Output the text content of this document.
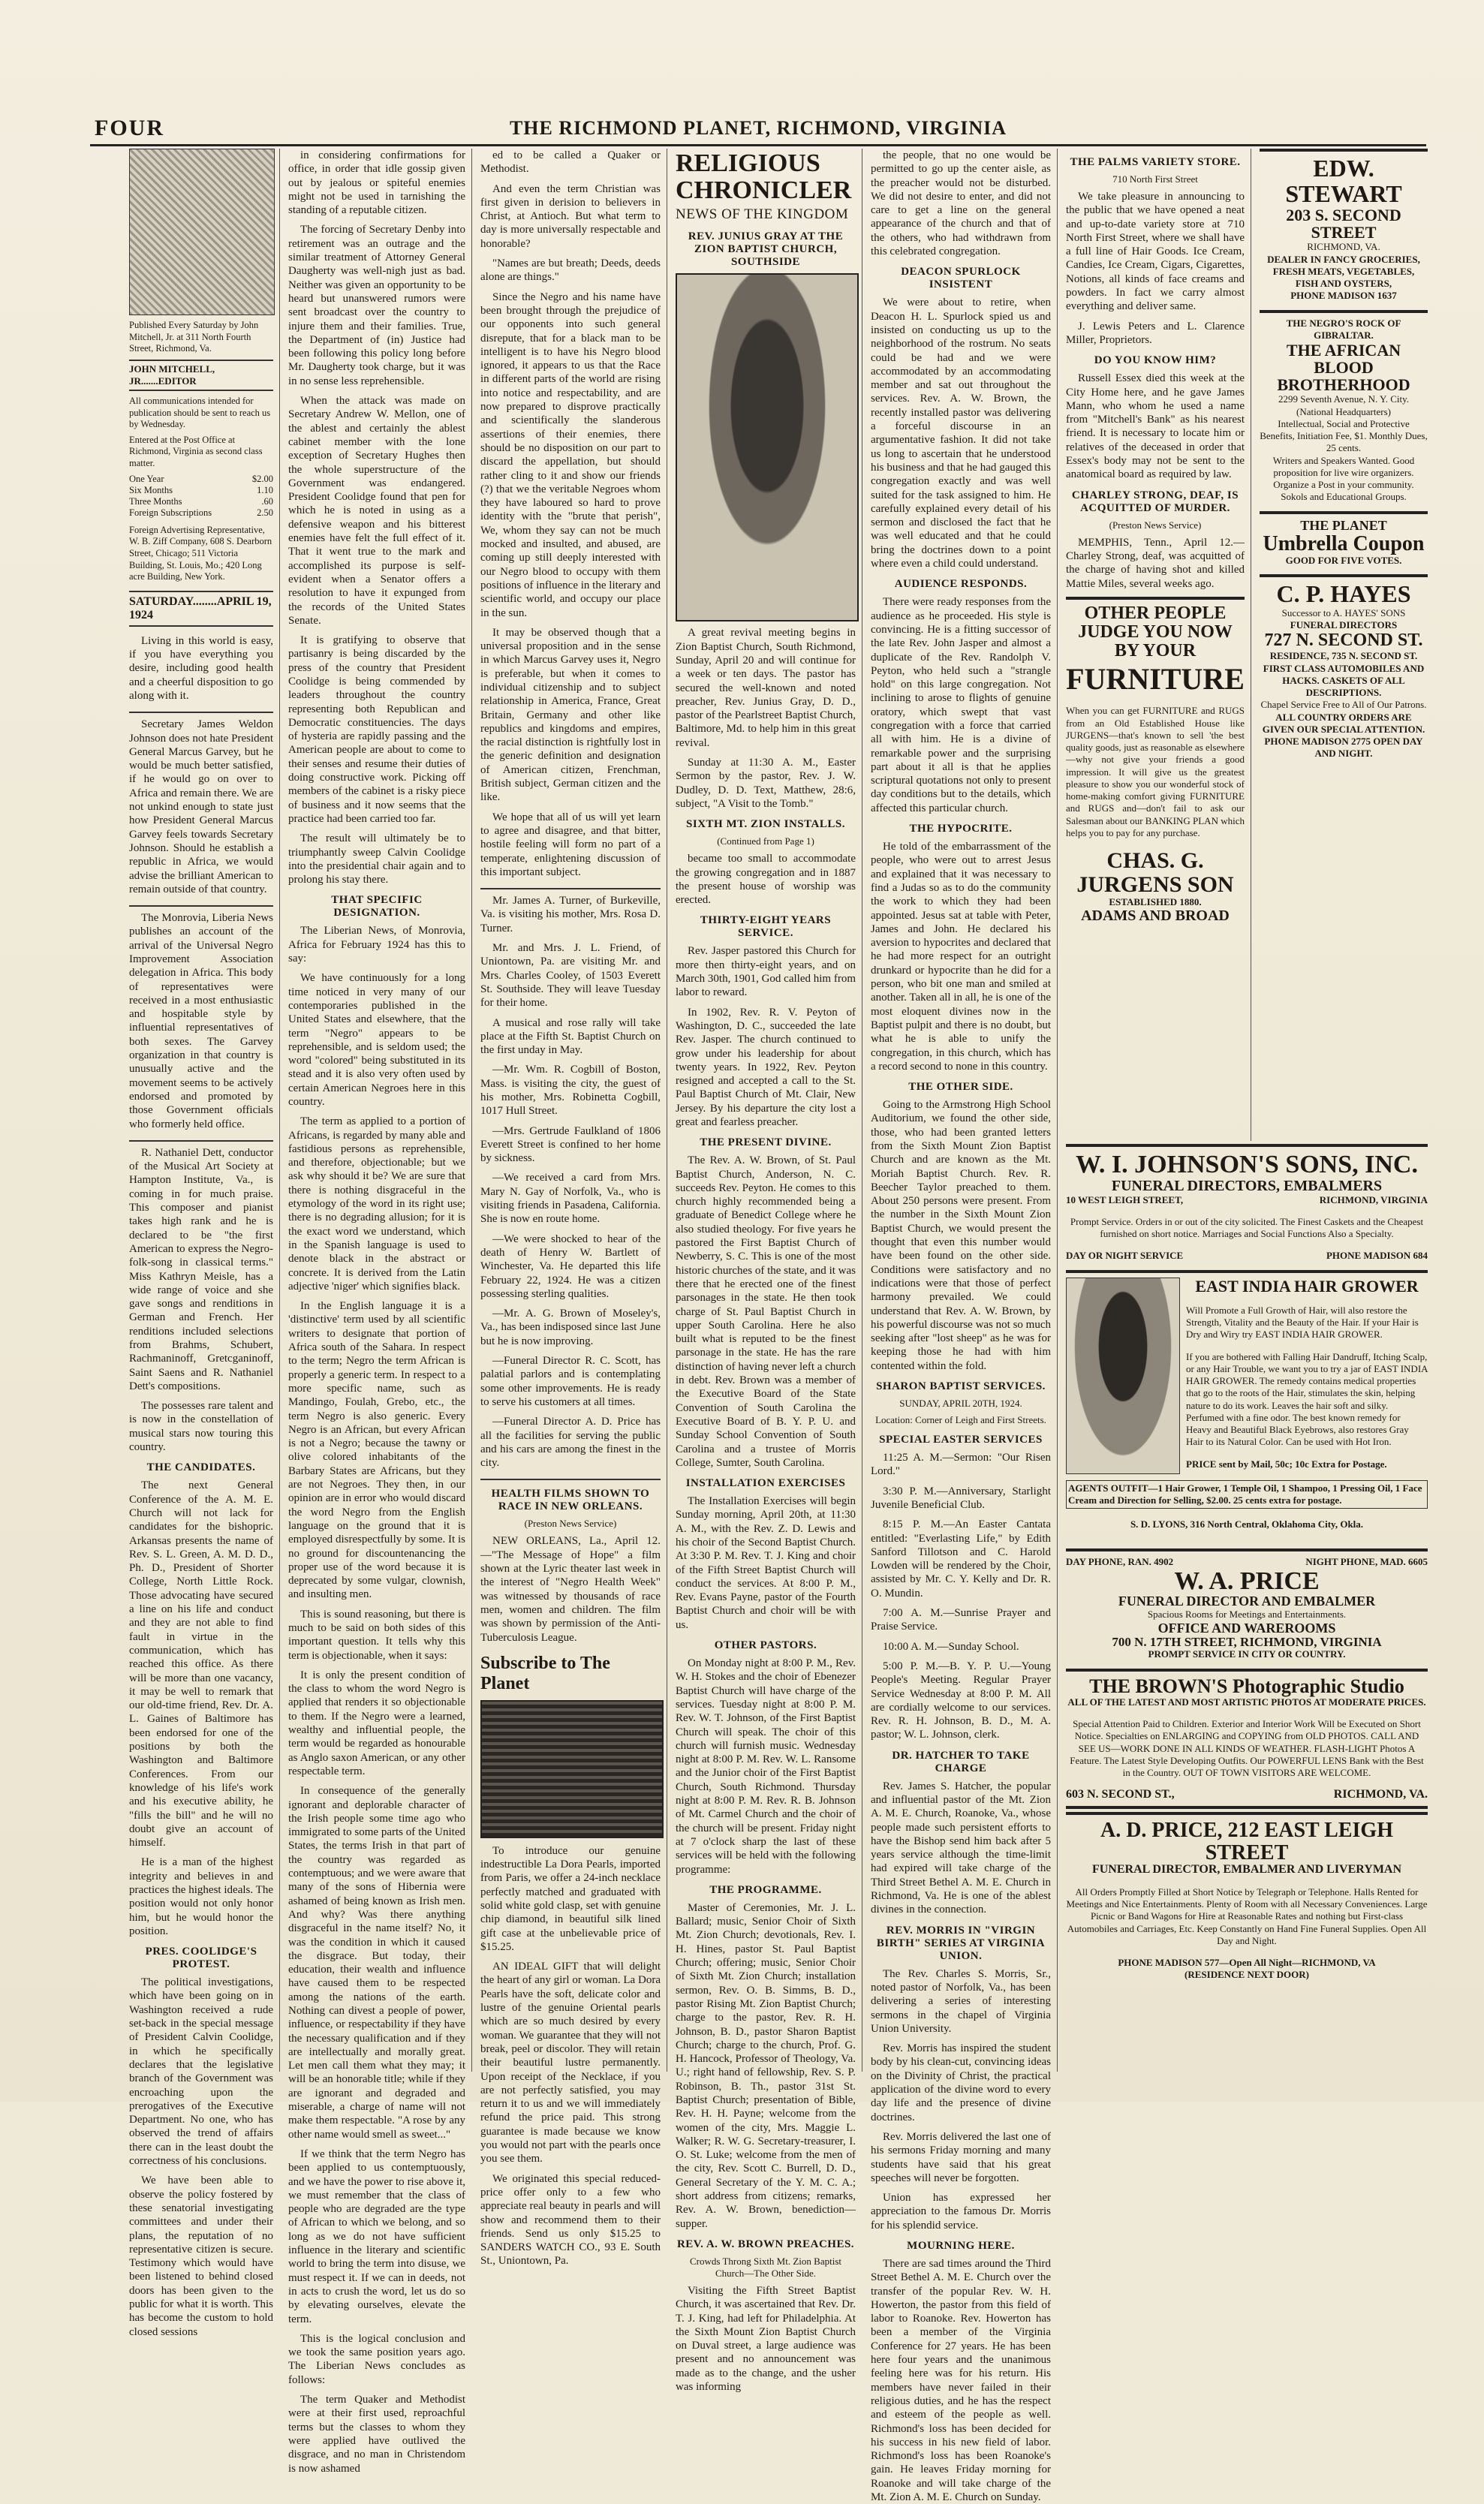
FOUR	THE RICHMOND PLANET, RICHMOND, VIRGINIA

Published Every Saturday by John Mitchell, Jr. at 311 North Fourth Street, Richmond, Va.

JOHN MITCHELL, JR.......EDITOR

All communications intended for publication should be sent to reach us by Wednesday.

Entered at the Post Office at Richmond, Virginia as second class matter.

One Year	$2.00
Six Months	1.10
Three Months	.60
Foreign Subscriptions	2.50

Foreign Advertising Representative, W. B. Ziff Company, 608 S. Dearborn Street, Chicago; 511 Victoria Building, St. Louis, Mo.; 420 Long acre Building, New York.

SATURDAY........APRIL 19, 1924

Living in this world is easy, if you have everything you desire, including good health and a cheerful disposition to go along with it.

Secretary James Weldon Johnson does not hate President General Marcus Garvey, but he would be much better satisfied, if he would go on over to Africa and remain there. We are not unkind enough to state just how President General Marcus Garvey feels towards Secretary Johnson. Should he establish a republic in Africa, we would advise the brilliant American to remain outside of that country.

The Monrovia, Liberia News publishes an account of the arrival of the Universal Negro Improvement Association delegation in Africa. This body of representatives were received in a most enthusiastic and hospitable style by influential representatives of both sexes. The Garvey organization in that country is unusually active and the movement seems to be actively endorsed and promoted by those Government officials who formerly held office.

R. Nathaniel Dett, conductor of the Musical Art Society at Hampton Institute, Va., is coming in for much praise. This composer and pianist takes high rank and he is declared to be "the first American to express the Negro-folk-song in classical terms." Miss Kathryn Meisle, has a wide range of voice and she gave songs and renditions in German and French. Her renditions included selections from Brahms, Schubert, Rachmaninoff, Gretcganinoff, Saint Saens and R. Nathaniel Dett's compositions.

The possesses rare talent and is now in the constellation of musical stars now touring this country.

THE CANDIDATES.

The next General Conference of the A. M. E. Church will not lack for candidates for the bishopric. Arkansas presents the name of Rev. S. L. Green, A. M. D. D., Ph. D., President of Shorter College, North Little Rock. Those advocating have secured a line on his life and conduct and they are not able to find fault in virtue in the communication, which has reached this office. As there will be more than one vacancy, it may be well to remark that our old-time friend, Rev. Dr. A. L. Gaines of Baltimore has been endorsed for one of the positions by both the Washington and Baltimore Conferences. From our knowledge of his life's work and his executive ability, he "fills the bill" and he will no doubt give an account of himself.

He is a man of the highest integrity and believes in and practices the highest ideals. The position would not only honor him, but he would honor the position.

PRES. COOLIDGE'S PROTEST.

The political investigations, which have been going on in Washington received a rude set-back in the special message of President Calvin Coolidge, in which he specifically declares that the legislative branch of the Government was encroaching upon the prerogatives of the Executive Department. No one, who has observed the trend of affairs there can in the least doubt the correctness of his conclusions.

We have been able to observe the policy fostered by these senatorial investigating committees and under their plans, the reputation of no representative citizen is secure. Testimony which would have been listened to behind closed doors has been given to the public for what it is worth. This has become the custom to hold closed sessions

in considering confirmations for office, in order that idle gossip given out by jealous or spiteful enemies might not be used in tarnishing the standing of a reputable citizen.

The forcing of Secretary Denby into retirement was an outrage and the similar treatment of Attorney General Daugherty was well-nigh just as bad. Neither was given an opportunity to be heard but unanswered rumors were sent broadcast over the country to injure them and their families. True, the Department of (in) Justice had been following this policy long before Mr. Daugherty took charge, but it was in no sense less reprehensible.

When the attack was made on Secretary Andrew W. Mellon, one of the ablest and certainly the ablest cabinet member with the lone exception of Secretary Hughes then the whole superstructure of the Government was endangered. President Coolidge found that pen for which he is noted in using as a defensive weapon and his bitterest enemies have felt the full effect of it. That it went true to the mark and accomplished its purpose is self-evident when a Senator offers a resolution to have it expunged from the records of the United States Senate.

It is gratifying to observe that partisanry is being discarded by the press of the country that President Coolidge is being commended by leaders throughout the country representing both Republican and Democratic constituencies. The days of hysteria are rapidly passing and the American people are about to come to their senses and resume their duties of doing constructive work. Picking off members of the cabinet is a risky piece of business and it now seems that the practice had been carried too far.

The result will ultimately be to triumphantly sweep Calvin Coolidge into the presidential chair again and to prolong his stay there.

THAT SPECIFIC DESIGNATION.

The Liberian News, of Monrovia, Africa for February 1924 has this to say:

We have continuously for a long time noticed in very many of our contemporaries published in the United States and elsewhere, that the term "Negro" appears to be reprehensible, and is seldom used; the word "colored" being substituted in its stead and it is also very often used by certain American Negroes here in this country.

The term as applied to a portion of Africans, is regarded by many able and fastidious persons as reprehensible, and therefore, objectionable; but we ask why should it be? We are sure that there is nothing disgraceful in the etymology of the word in its right use; there is no degrading allusion; for it is the exact word we understand, which in the Spanish language is used to denote black in the abstract or concrete. It is derived from the Latin adjective 'niger' which signifies black.

In the English language it is a 'distinctive' term used by all scientific writers to designate that portion of Africa south of the Sahara. In respect to the term; Negro the term African is properly a generic term. In respect to a more specific name, such as Mandingo, Foulah, Grebo, etc., the term Negro is also generic. Every Negro is an African, but every African is not a Negro; because the tawny or olive colored inhabitants of the Barbary States are Africans, but they are not Negroes. They then, in our opinion are in error who would discard the word Negro from the English language on the ground that it is employed disrespectfully by some. It is no ground for discountenancing the proper use of the word because it is deprecated by some vulgar, clownish, and insulting men.

This is sound reasoning, but there is much to be said on both sides of this important question. It tells why this term is objectionable, when it says:

It is only the present condition of the class to whom the word Negro is applied that renders it so objectionable to them. If the Negro were a learned, wealthy and influential people, the term would be regarded as honourable as Anglo saxon American, or any other respectable term.

In consequence of the generally ignorant and deplorable character of the Irish people some time ago who immigrated to some parts of the United States, the terms Irish in that part of the country was regarded as contemptuous; and we were aware that many of the sons of Hibernia were ashamed of being known as Irish men. And why? Was there anything disgraceful in the name itself? No, it was the condition in which it caused the disgrace. But today, their education, their wealth and influence have caused them to be respected among the nations of the earth. Nothing can divest a people of power, influence, or respectability if they have the necessary qualification and if they are intellectually and morally great. Let men call them what they may; it will be an honorable title; while if they are ignorant and degraded and miserable, a charge of name will not make them respectable. "A rose by any other name would smell as sweet..."

If we think that the term Negro has been applied to us contemptuously, and we have the power to rise above it, we must remember that the class of people who are degraded are the type of African to which we belong, and so long as we do not have sufficient influence in the literary and scientific world to bring the term into disuse, we must respect it. If we can in deeds, not in acts to crush the word, let us do so by elevating ourselves, elevate the term.

This is the logical conclusion and we took the same position years ago. The Liberian News concludes as follows:

The term Quaker and Methodist were at their first used, reproachful terms but the classes to whom they were applied have outlived the disgrace, and no man in Christendom is now ashamed

ed to be called a Quaker or Methodist.

And even the term Christian was first given in derision to believers in Christ, at Antioch. But what term to day is more universally respectable and honorable?

"Names are but breath; Deeds, deeds alone are things."

Since the Negro and his name have been brought through the prejudice of our opponents into such general disrepute, that for a black man to be intelligent is to have his Negro blood ignored, it appears to us that the Race in different parts of the world are rising into notice and respectability, and are now prepared to disprove practically and scientifically the slanderous assertions of their enemies, there should be no disposition on our part to discard the appellation, but should rather cling to it and show our friends (?) that we the veritable Negroes whom they have laboured so hard to prove identity with the "brute that perish", We, whom they say can not be much mocked and insulted, and abused, are coming up still deeply interested with our Negro blood to occupy with them positions of influence in the literary and scientific world, and occupy our place in the sun.

It may be observed though that a universal proposition and in the sense in which Marcus Garvey uses it, Negro is preferable, but when it comes to individual citizenship and to subject relationship in America, France, Great Britain, Germany and other like republics and kingdoms and empires, the racial distinction is rightfully lost in the generic definition and designation of American citizen, Frenchman, British subject, German citizen and the like.

We hope that all of us will yet learn to agree and disagree, and that bitter, hostile feeling will form no part of a temperate, enlightening discussion of this important subject.

Mr. James A. Turner, of Burkeville, Va. is visiting his mother, Mrs. Rosa D. Turner.

Mr. and Mrs. J. L. Friend, of Uniontown, Pa. are visiting Mr. and Mrs. Charles Cooley, of 1503 Everett St. Southside. They will leave Tuesday for their home.

A musical and rose rally will take place at the Fifth St. Baptist Church on the first unday in May.

—Mr. Wm. R. Cogbill of Boston, Mass. is visiting the city, the guest of his mother, Mrs. Robinetta Cogbill, 1017 Hull Street.

—Mrs. Gertrude Faulkland of 1806 Everett Street is confined to her home by sickness.

—We received a card from Mrs. Mary N. Gay of Norfolk, Va., who is visiting friends in Pasadena, California. She is now en route home.

—We were shocked to hear of the death of Henry W. Bartlett of Winchester, Va. He departed this life February 22, 1924. He was a citizen possessing sterling qualities.

—Mr. A. G. Brown of Moseley's, Va., has been indisposed since last June but he is now improving.

—Funeral Director R. C. Scott, has palatial parlors and is contemplating some other improvements. He is ready to serve his customers at all times.

—Funeral Director A. D. Price has all the facilities for serving the public and his cars are among the finest in the city.

HEALTH FILMS SHOWN TO RACE IN NEW ORLEANS.
(Preston News Service)

NEW ORLEANS, La., April 12.—"The Message of Hope" a film shown at the Lyric theater last week in the interest of "Negro Health Week" was witnessed by thousands of race men, women and children. The film was shown by permission of the Anti-Tuberculosis League.

Subscribe to The Planet

To introduce our genuine indestructible La Dora Pearls, imported from Paris, we offer a 24-inch necklace perfectly matched and graduated with solid white gold clasp, set with genuine chip diamond, in beautiful silk lined gift case at the unbelievable price of $15.25.

AN IDEAL GIFT that will delight the heart of any girl or woman. La Dora Pearls have the soft, delicate color and lustre of the genuine Oriental pearls which are so much desired by every woman. We guarantee that they will not break, peel or discolor. They will retain their beautiful lustre permanently. Upon receipt of the Necklace, if you are not perfectly satisfied, you may return it to us and we will immediately refund the price paid. This strong guarantee is made because we know you would not part with the pearls once you see them.

We originated this special reduced-price offer only to a few who appreciate real beauty in pearls and will show and recommend them to their friends. Send us only $15.25 to SANDERS WATCH CO., 93 E. South St., Uniontown, Pa.

RELIGIOUS CHRONICLER
NEWS OF THE KINGDOM
REV. JUNIUS GRAY AT THE ZION BAPTIST CHURCH, SOUTHSIDE

A great revival meeting begins in Zion Baptist Church, South Richmond, Sunday, April 20 and will continue for a week or ten days. The pastor has secured the well-known and noted preacher, Rev. Junius Gray, D. D., pastor of the Pearlstreet Baptist Church, Baltimore, Md. to help him in this great revival.

Sunday at 11:30 A. M., Easter Sermon by the pastor, Rev. J. W. Dudley, D. D. Text, Matthew, 28:6, subject, "A Visit to the Tomb."

SIXTH MT. ZION INSTALLS.
(Continued from Page 1)

became too small to accommodate the growing congregation and in 1887 the present house of worship was erected.

THIRTY-EIGHT YEARS SERVICE.

Rev. Jasper pastored this Church for more then thirty-eight years, and on March 30th, 1901, God called him from labor to reward.

In 1902, Rev. R. V. Peyton of Washington, D. C., succeeded the late Rev. Jasper. The church continued to grow under his leadership for about twenty years. In 1922, Rev. Peyton resigned and accepted a call to the St. Paul Baptist Church of Mt. Clair, New Jersey. By his departure the city lost a great and fearless preacher.

THE PRESENT DIVINE.

The Rev. A. W. Brown, of St. Paul Baptist Church, Anderson, N. C. succeeds Rev. Peyton. He comes to this church highly recommended being a graduate of Benedict College where he also studied theology. For five years he pastored the First Baptist Church of Newberry, S. C. This is one of the most historic churches of the state, and it was there that he erected one of the finest parsonages in the state. He then took charge of St. Paul Baptist Church in upper South Carolina. Here he also built what is reputed to be the finest parsonage in the state. He has the rare distinction of having never left a church in debt. Rev. Brown was a member of the Executive Board of the State Convention of South Carolina the Executive Board of B. Y. P. U. and Sunday School Convention of South Carolina and a trustee of Morris College, Sumter, South Carolina.

INSTALLATION EXERCISES

The Installation Exercises will begin Sunday morning, April 20th, at 11:30 A. M., with the Rev. Z. D. Lewis and his choir of the Second Baptist Church. At 3:30 P. M. Rev. T. J. King and choir of the Fifth Street Baptist Church will conduct the services. At 8:00 P. M., Rev. Evans Payne, pastor of the Fourth Baptist Church and choir will be with us.

OTHER PASTORS.

On Monday night at 8:00 P. M., Rev. W. H. Stokes and the choir of Ebenezer Baptist Church will have charge of the services. Tuesday night at 8:00 P. M. Rev. W. T. Johnson, of the First Baptist Church will speak. The choir of this church will furnish music. Wednesday night at 8:00 P. M. Rev. W. L. Ransome and the Junior choir of the First Baptist Church, South Richmond. Thursday night at 8:00 P. M. Rev. R. B. Johnson of Mt. Carmel Church and the choir of the church will be present. Friday night at 7 o'clock sharp the last of these services will be held with the following programme:

THE PROGRAMME.

Master of Ceremonies, Mr. J. L. Ballard; music, Senior Choir of Sixth Mt. Zion Church; devotionals, Rev. I. H. Hines, pastor St. Paul Baptist Church; offering; music, Senior Choir of Sixth Mt. Zion Church; installation sermon, Rev. O. B. Simms, B. D., pastor Rising Mt. Zion Baptist Church; charge to the pastor, Rev. R. H. Johnson, B. D., pastor Sharon Baptist Church; charge to the church, Prof. G. H. Hancock, Professor of Theology, Va. U.; right hand of fellowship, Rev. S. P. Robinson, B. Th., pastor 31st St. Baptist Church; presentation of Bible, Rev. H. H. Payne; welcome from the women of the city, Mrs. Maggie L. Walker; R. W. G. Secretary-treasurer, I. O. St. Luke; welcome from the men of the city, Rev. Scott C. Burrell, D. D., General Secretary of the Y. M. C. A.; short address from citizens; remarks, Rev. A. W. Brown, benediction—supper.

REV. A. W. BROWN PREACHES.
Crowds Throng Sixth Mt. Zion Baptist Church—The Other Side.

Visiting the Fifth Street Baptist Church, it was ascertained that Rev. Dr. T. J. King, had left for Philadelphia. At the Sixth Mount Zion Baptist Church on Duval street, a large audience was present and no announcement was made as to the change, and the usher was informing

the people, that no one would be permitted to go up the center aisle, as the preacher would not be disturbed. We did not desire to enter, and did not care to get a line on the general appearance of the church and that of the others, who had withdrawn from this celebrated congregation.

DEACON SPURLOCK INSISTENT

We were about to retire, when Deacon H. L. Spurlock spied us and insisted on conducting us up to the neighborhood of the rostrum. No seats could be had and we were accommodated by an accommodating member and sat out throughout the services. Rev. A. W. Brown, the recently installed pastor was delivering a forceful discourse in an argumentative fashion. It did not take us long to ascertain that he understood his business and that he had gauged this congregation exactly and was well suited for the task assigned to him. He carefully explained every detail of his sermon and disclosed the fact that he was well educated and that he could bring the doctrines down to a point where even a child could understand.

AUDIENCE RESPONDS.

There were ready responses from the audience as he proceeded. His style is convincing. He is a fitting successor of the late Rev. John Jasper and almost a duplicate of the Rev. Randolph V. Peyton, who held such a "strangle hold" on this large congregation. Not inclining to arose to flights of genuine oratory, which swept that vast congregation with a force that carried all with him. He is a divine of remarkable power and the surprising part about it all is that he applies scriptural quotations not only to present day conditions but to the details, which affected this particular church.

THE HYPOCRITE.

He told of the embarrassment of the people, who were out to arrest Jesus and explained that it was necessary to find a Judas so as to do the community the work to which they had been appointed. Jesus sat at table with Peter, James and John. He declared his aversion to hypocrites and declared that he had more respect for an outright drunkard or hypocrite than he did for a person, who bit one man and smiled at another. Taken all in all, he is one of the most eloquent divines now in the Baptist pulpit and there is no doubt, but what he is able to unify the congregation, in this church, which has a record second to none in this country.

THE OTHER SIDE.

Going to the Armstrong High School Auditorium, we found the other side, those, who had been granted letters from the Sixth Mount Zion Baptist Church and are known as the Mt. Moriah Baptist Church. Rev. R. Beecher Taylor preached to them. About 250 persons were present. From the number in the Sixth Mount Zion Baptist Church, we would present the thought that even this number would have been found on the other side. Conditions were satisfactory and no indications were that those of perfect harmony prevailed. We could understand that Rev. A. W. Brown, by his powerful discourse was not so much seeking after "lost sheep" as he was for keeping those he had with him contented within the fold.

SHARON BAPTIST SERVICES.
SUNDAY, APRIL 20TH, 1924.
Location: Corner of Leigh and First Streets.
SPECIAL EASTER SERVICES

11:25 A. M.—Sermon: "Our Risen Lord."

3:30 P. M.—Anniversary, Starlight Juvenile Beneficial Club.

8:15 P. M.—An Easter Cantata entitled: "Everlasting Life," by Edith Sanford Tillotson and C. Harold Lowden will be rendered by the Choir, assisted by Mr. C. Y. Kelly and Dr. R. O. Mundin.

7:00 A. M.—Sunrise Prayer and Praise Service.

10:00 A. M.—Sunday School.

5:00 P. M.—B. Y. P. U.—Young People's Meeting. Regular Prayer Service Wednesday at 8:00 P. M. All are cordially welcome to our services. Rev. R. H. Johnson, B. D., M. A. pastor; W. L. Johnson, clerk.

DR. HATCHER TO TAKE CHARGE

Rev. James S. Hatcher, the popular and influential pastor of the Mt. Zion A. M. E. Church, Roanoke, Va., whose people made such persistent efforts to have the Bishop send him back after 5 years service although the time-limit had expired will take charge of the Third Street Bethel A. M. E. Church in Richmond, Va. He is one of the ablest divines in the connection.

REV. MORRIS IN "VIRGIN BIRTH" SERIES AT VIRGINIA UNION.

The Rev. Charles S. Morris, Sr., noted pastor of Norfolk, Va., has been delivering a series of interesting sermons in the chapel of Virginia Union University.

Rev. Morris has inspired the student body by his clean-cut, convincing ideas on the Divinity of Christ, the practical application of the divine word to every day life and the presence of divine doctrines.

Rev. Morris delivered the last one of his sermons Friday morning and many students have said that his great speeches will never be forgotten.

Union has expressed her appreciation to the famous Dr. Morris for his splendid service.

MOURNING HERE.

There are sad times around the Third Street Bethel A. M. E. Church over the transfer of the popular Rev. W. H. Howerton, the pastor from this field of labor to Roanoke. Rev. Howerton has been a member of the Virginia Conference for 27 years. He has been here four years and the unanimous feeling here was for his return. His members have never failed in their religious duties, and he has the respect and esteem of the people as well. Richmond's loss has been decided for his success in his new field of labor. Richmond's loss has been Roanoke's gain. He leaves Friday morning for Roanoke and will take charge of the Mt. Zion A. M. E. Church on Sunday.

THE PALMS VARIETY STORE.
710 North First Street

We take pleasure in announcing to the public that we have opened a neat and up-to-date variety store at 710 North First Street, where we shall have a full line of Hair Goods. Ice Cream, Candies, Ice Cream, Cigars, Cigarettes, Notions, all kinds of face creams and powders. In fact we carry almost everything and deliver same.

J. Lewis Peters and L. Clarence Miller, Proprietors.

DO YOU KNOW HIM?

Russell Essex died this week at the City Home here, and he gave James Mann, who whom he used a name from "Mitchell's Bank" as his nearest friend. It is necessary to locate him or relatives of the deceased in order that Essex's body may not be sent to the anatomical board as required by law.

CHARLEY STRONG, DEAF, IS ACQUITTED OF MURDER.
(Preston News Service)

MEMPHIS, Tenn., April 12.—Charley Strong, deaf, was acquitted of the charge of having shot and killed Mattie Miles, several weeks ago.

OTHER PEOPLE JUDGE YOU NOW BY YOUR
FURNITURE

When you can get FURNITURE and RUGS from an Old Established House like JURGENS—that's known to sell 'the best quality goods, just as reasonable as elsewhere—why not give your friends a good impression. It will give us the greatest pleasure to show you our wonderful stock of home-making comfort giving FURNITURE and RUGS and—don't fail to ask our Salesman about our BANKING PLAN which helps you to pay for any purchase.

CHAS. G. JURGENS SON
ESTABLISHED 1880.
ADAMS AND BROAD
EDW. STEWART
203 S. SECOND STREET
RICHMOND, VA.
DEALER IN FANCY GROCERIES,
FRESH MEATS, VEGETABLES,
FISH AND OYSTERS,
PHONE MADISON 1637
THE NEGRO'S ROCK OF GIBRALTAR.
THE AFRICAN BLOOD BROTHERHOOD
2299 Seventh Avenue, N. Y. City. (National Headquarters)
Intellectual, Social and Protective Benefits, Initiation Fee, $1. Monthly Dues, 25 cents.
Writers and Speakers Wanted. Good proposition for live wire organizers. Organize a Post in your community. Sokols and Educational Groups.
THE PLANET
Umbrella Coupon
GOOD FOR FIVE VOTES.
C. P. HAYES
Successor to A. HAYES' SONS
FUNERAL DIRECTORS
727 N. SECOND ST.
RESIDENCE, 735 N. SECOND ST.
FIRST CLASS AUTOMOBILES AND HACKS. CASKETS OF ALL DESCRIPTIONS.
Chapel Service Free to All of Our Patrons.
ALL COUNTRY ORDERS ARE GIVEN OUR SPECIAL ATTENTION.
PHONE MADISON 2775 OPEN DAY AND NIGHT.
W. I. JOHNSON'S SONS, INC.
FUNERAL DIRECTORS, EMBALMERS
10 WEST LEIGH STREET,	RICHMOND, VIRGINIA

Prompt Service. Orders in or out of the city solicited. The Finest Caskets and the Cheapest furnished on short notice. Marriages and Social Functions Also a Specialty.

DAY OR NIGHT SERVICE	PHONE MADISON 684
EAST INDIA HAIR GROWER

Will Promote a Full Growth of Hair, will also restore the Strength, Vitality and the Beauty of the Hair. If your Hair is Dry and Wiry try EAST INDIA HAIR GROWER.

If you are bothered with Falling Hair Dandruff, Itching Scalp, or any Hair Trouble, we want you to try a jar of EAST INDIA HAIR GROWER. The remedy contains medical properties that go to the roots of the Hair, stimulates the skin, helping nature to do its work. Leaves the hair soft and silky. Perfumed with a fine odor. The best known remedy for Heavy and Beautiful Black Eyebrows, also restores Gray Hair to its Natural Color. Can be used with Hot Iron.

PRICE sent by Mail, 50c; 10c Extra for Postage.

AGENTS OUTFIT—1 Hair Grower, 1 Temple Oil, 1 Shampoo, 1 Pressing Oil, 1 Face Cream and Direction for Selling, $2.00. 25 cents extra for postage.

S. D. LYONS, 316 North Central, Oklahoma City, Okla.

DAY PHONE, RAN. 4902	NIGHT PHONE, MAD. 6605
W. A. PRICE
FUNERAL DIRECTOR AND EMBALMER
Spacious Rooms for Meetings and Entertainments.
OFFICE AND WAREROOMS
700 N. 17TH STREET, RICHMOND, VIRGINIA
PROMPT SERVICE IN CITY OR COUNTRY.
THE BROWN'S Photographic Studio
ALL OF THE LATEST AND MOST ARTISTIC PHOTOS AT MODERATE PRICES.

Special Attention Paid to Children. Exterior and Interior Work Will be Executed on Short Notice. Specialties on ENLARGING and COPYING from OLD PHOTOS. CALL AND SEE US—WORK DONE IN ALL KINDS OF WEATHER. FLASH-LIGHT Photos A Feature. The Latest Style Developing Outfits. Our POWERFUL LENS Bank with the Best in the Country. OUT OF TOWN VISITORS ARE WELCOME.

603 N. SECOND ST.,	RICHMOND, VA.
A. D. PRICE, 212 EAST LEIGH STREET
FUNERAL DIRECTOR, EMBALMER AND LIVERYMAN

All Orders Promptly Filled at Short Notice by Telegraph or Telephone. Halls Rented for Meetings and Nice Entertainments. Plenty of Room with all Necessary Conveniences. Large Picnic or Band Wagons for Hire at Reasonable Rates and nothing but First-class Automobiles and Carriages, Etc. Keep Constantly on Hand Fine Funeral Supplies. Open All Day and Night.

PHONE MADISON 577—Open All Night—RICHMOND, VA
(RESIDENCE NEXT DOOR)
